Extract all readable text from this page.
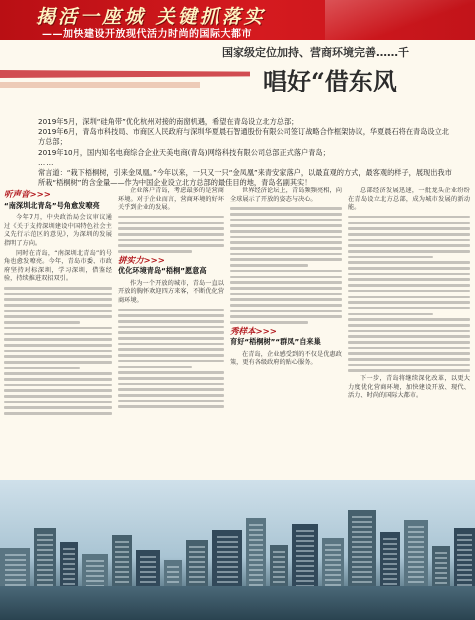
揭活一座城 关键抓落实
——加快建设开放现代活力时尚的国际大都市
国家级定位加持、营商环境完善……千
唱好“借东风

2019年5月，深圳“硅角带”优化杭州对接的南窗机遇，希望在青岛设立北方总部；

2019年6月，青岛市科技局、市商区人民政府与深圳华夏晨石智通股份有限公司签订战略合作框架协议，华夏晨石将在青岛设立北方总部；

2019年10月，国内知名电商综合企业天美电商(青岛)网络科技有限公司总部正式落户青岛；

……

常言道：“栽下梧桐树，引来金凤凰。”今年以来，一只又一只“金凤凰”来青安家落户，以最直观的方式，最客观的样子，展现出我市所栽“梧桐树”的含金量——作为中国企业设立北方总部的最佳目的地，青岛名副其实！

听声音>>>
“南深圳北青岛”号角愈发嘹亮

今年7月，中央政治局会议审议通过《关于支持深圳建设中国特色社会主义先行示范区的意见》，为深圳的发展指明了方向。

同时在青岛，“南深圳北青岛”的号角也愈发嘹亮。今年，青岛市委、市政府坚持对标深圳，学习深圳，借鉴经验，持续推进双招双引。

企业落户青岛，考虑最多的是营商环境。对于企业而言，营商环境的好坏关乎到企业的发展。

拼实力>>>
优化环境青岛“梧桐”愿意高

作为一个开放的城市，青岛一直以开放的胸怀欢迎四方来客，不断优化营商环境。

世界经济论坛上，青岛频频亮相，向全球展示了开放的姿态与决心。

秀样本>>>
育好“梧桐树”“群凤”自来巢

在青岛，企业感受到的不仅是优惠政策，更有各级政府的贴心服务。

总部经济发展迅速，一批龙头企业纷纷在青岛设立北方总部，成为城市发展的新动能。

下一步，青岛将继续深化改革，以更大力度优化营商环境，加快建设开放、现代、活力、时尚的国际大都市。
